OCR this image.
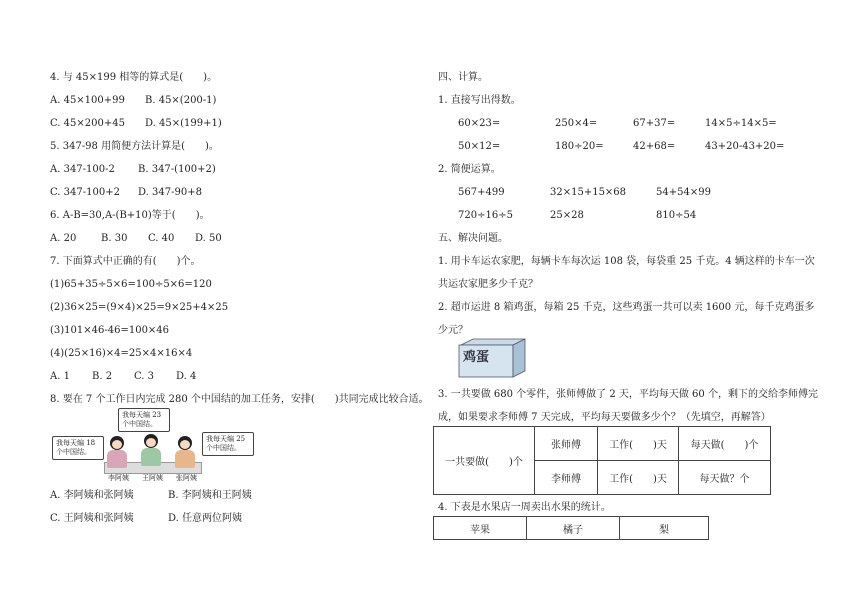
4. 与 45×199 相等的算式是(　　)。
A. 45×100+99 B. 45×(200-1)
C. 45×200+45 D. 45×(199+1)
5. 347-98 用简便方法计算是(　　)。
A. 347-100-2 B. 347-(100+2)
C. 347-100+2 D. 347-90+8
6. A-B=30,A-(B+10)等于(　　)。
A. 20 B. 30 C. 40 D. 50
7. 下面算式中正确的有(　　)个。
(1)65+35÷5×6=100÷5×6=120
(2)36×25=(9×4)×25=9×25+4×25
(3)101×46-46=100×46
(4)(25×16)×4=25×4×16×4
A. 1 B. 2 C. 3 D. 4
8. 要在 7 个工作日内完成 280 个中国结的加工任务，安排(　　)共同完成比较合适。
我每天编 18 个中国结。
我每天编 23 个中国结。
我每天编 25 个中国结。
李阿姨 王阿姨 张阿姨
A. 李阿姨和张阿姨	B. 李阿姨和王阿姨
C. 王阿姨和张阿姨	D. 任意两位阿姨
四、计算。
1. 直接写出得数。
60×23=	250×4=	67+37=	14×5÷14×5=
50×12=	180÷20=	42+68=	43+20-43+20=
2. 简便运算。
567+499	32×15+15×68	54+54×99
720÷16÷5	25×28	810÷54
五、解决问题。
1. 用卡车运农家肥，每辆卡车每次运 108 袋，每袋重 25 千克。4 辆这样的卡车一次
共运农家肥多少千克？
2. 超市运进 8 箱鸡蛋，每箱 25 千克，这些鸡蛋一共可以卖 1600 元，每千克鸡蛋多
少元？
鸡蛋
3. 一共要做 680 个零件，张师傅做了 2 天，平均每天做 60 个，剩下的交给李师傅完
成，如果要求李师傅 7 天完成，平均每天要做多少个？（先填空，再解答）
一共要做(　　)个	张师傅	工作(　　)天	每天做(　　)个
	李师傅	工作(　　)天	每天做？个
4. 下表是水果店一周卖出水果的统计。
苹果	橘子	梨
